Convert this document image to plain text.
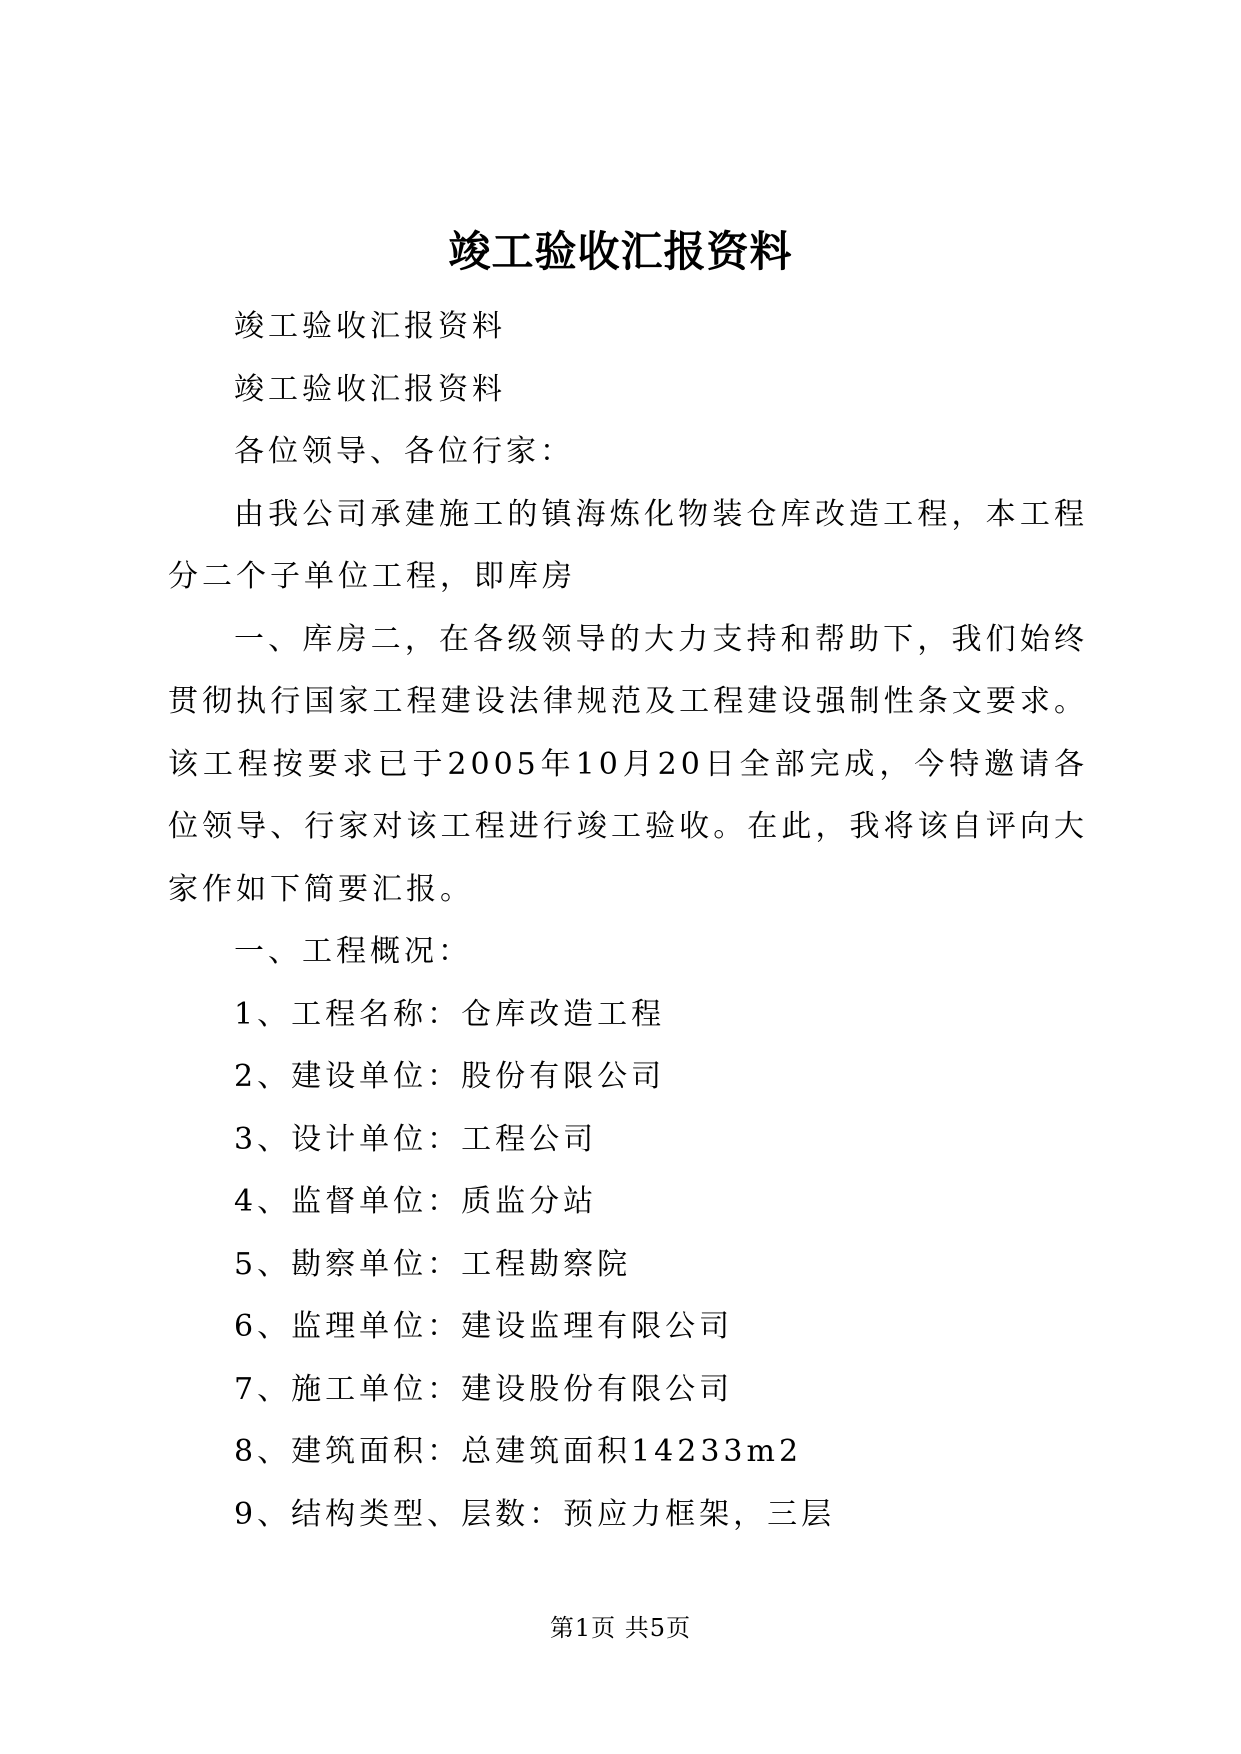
竣工验收汇报资料

竣工验收汇报资料

竣工验收汇报资料

各位领导、各位行家：

由我公司承建施工的镇海炼化物装仓库改造工程，本工程分二个子单位工程，即库房

一、库房二，在各级领导的大力支持和帮助下，我们始终贯彻执行国家工程建设法律规范及工程建设强制性条文要求。该工程按要求已于2005年10月20日全部完成，今特邀请各位领导、行家对该工程进行竣工验收。在此，我将该自评向大家作如下简要汇报。

一、工程概况：

1、工程名称：仓库改造工程

2、建设单位：股份有限公司

3、设计单位：工程公司

4、监督单位：质监分站

5、勘察单位：工程勘察院

6、监理单位：建设监理有限公司

7、施工单位：建设股份有限公司

8、建筑面积：总建筑面积14233m2

9、结构类型、层数：预应力框架，三层

第1页 共5页
